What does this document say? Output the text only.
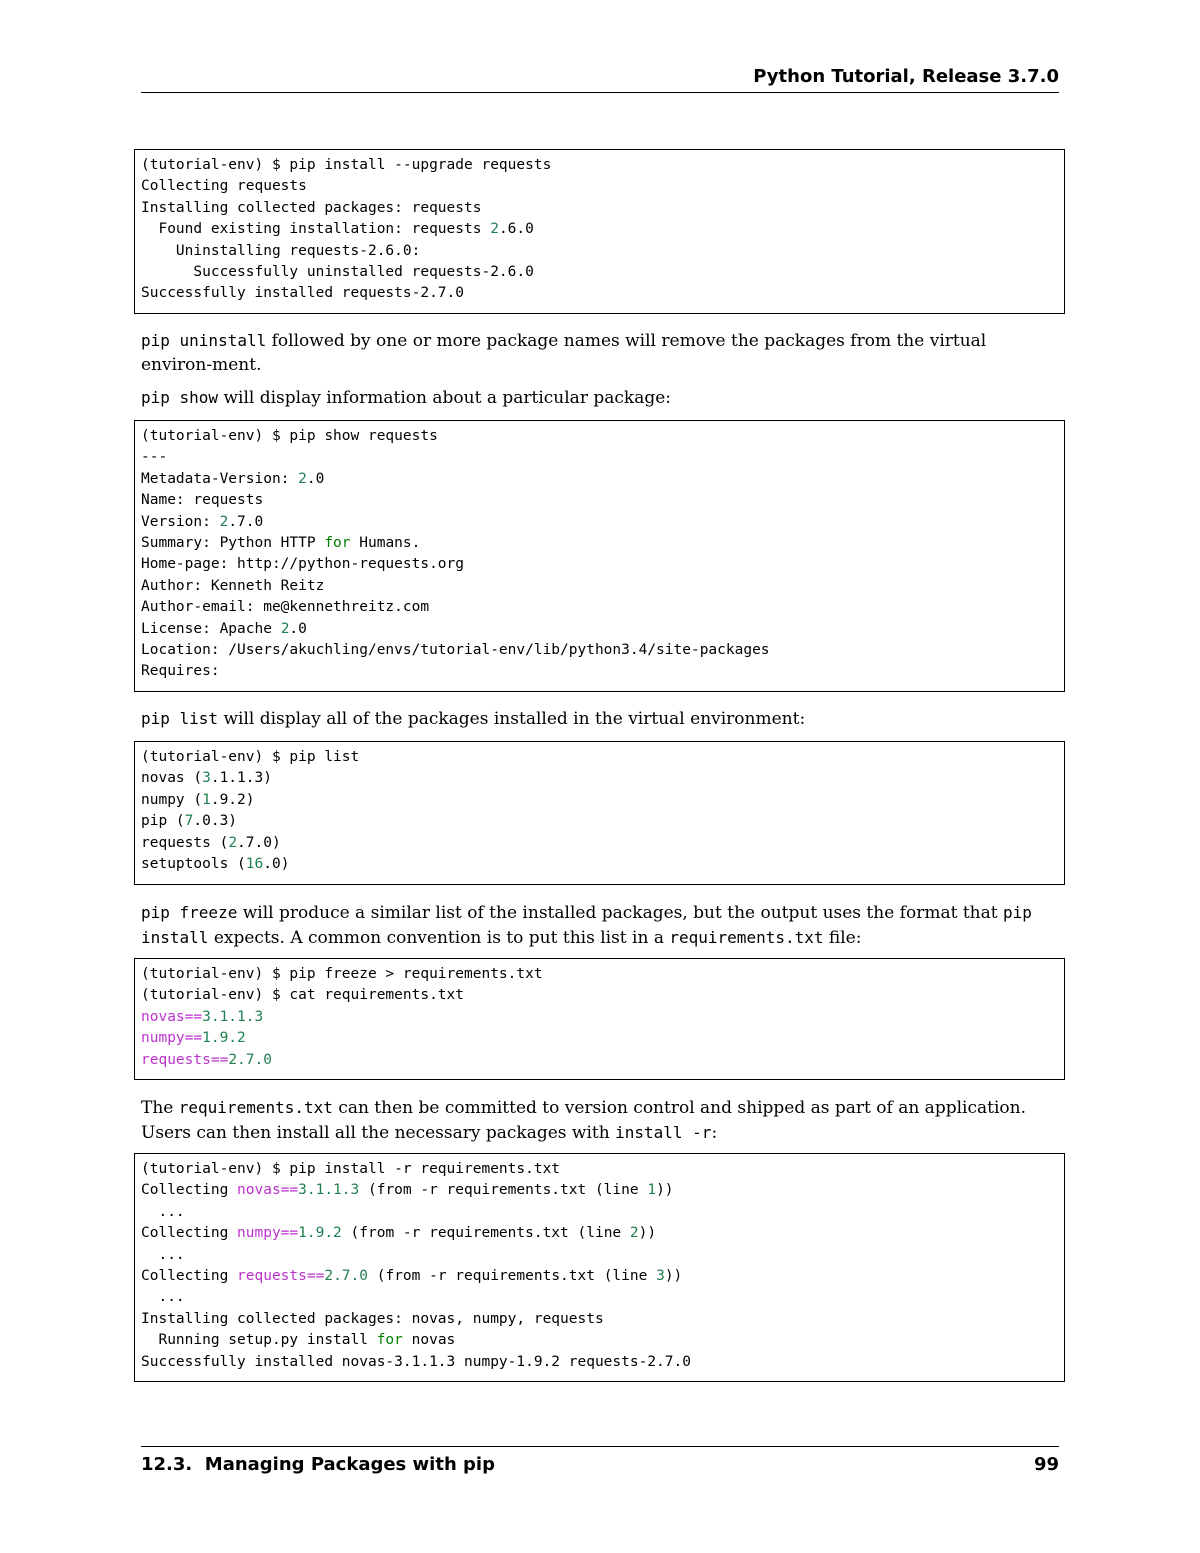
Python Tutorial, Release 3.7.0
(tutorial-env) $ pip install --upgrade requests
Collecting requests
Installing collected packages: requests
Found existing installation: requests 2.6.0
Uninstalling requests-2.6.0:
Successfully uninstalled requests-2.6.0
Successfully installed requests-2.7.0
pip uninstall followed by one or more package names will remove the packages from the virtual environ-ment.
pip show will display information about a particular package:
(tutorial-env) $ pip show requests
---
Metadata-Version: 2.0
Name: requests
Version: 2.7.0
Summary: Python HTTP for Humans.
Home-page: http://python-requests.org
Author: Kenneth Reitz
Author-email: me@kennethreitz.com
License: Apache 2.0
Location: /Users/akuchling/envs/tutorial-env/lib/python3.4/site-packages
Requires:
pip list will display all of the packages installed in the virtual environment:
(tutorial-env) $ pip list
novas (3.1.1.3)
numpy (1.9.2)
pip (7.0.3)
requests (2.7.0)
setuptools (16.0)
pip freeze will produce a similar list of the installed packages, but the output uses the format that pip install expects. A common convention is to put this list in a requirements.txt file:
(tutorial-env) $ pip freeze > requirements.txt
(tutorial-env) $ cat requirements.txt
novas==3.1.1.3
numpy==1.9.2
requests==2.7.0
The requirements.txt can then be committed to version control and shipped as part of an application. Users can then install all the necessary packages with install -r:
(tutorial-env) $ pip install -r requirements.txt
Collecting novas==3.1.1.3 (from -r requirements.txt (line 1))
...
Collecting numpy==1.9.2 (from -r requirements.txt (line 2))
...
Collecting requests==2.7.0 (from -r requirements.txt (line 3))
...
Installing collected packages: novas, numpy, requests
Running setup.py install for novas
Successfully installed novas-3.1.1.3 numpy-1.9.2 requests-2.7.0
12.3.  Managing Packages with pip	99
